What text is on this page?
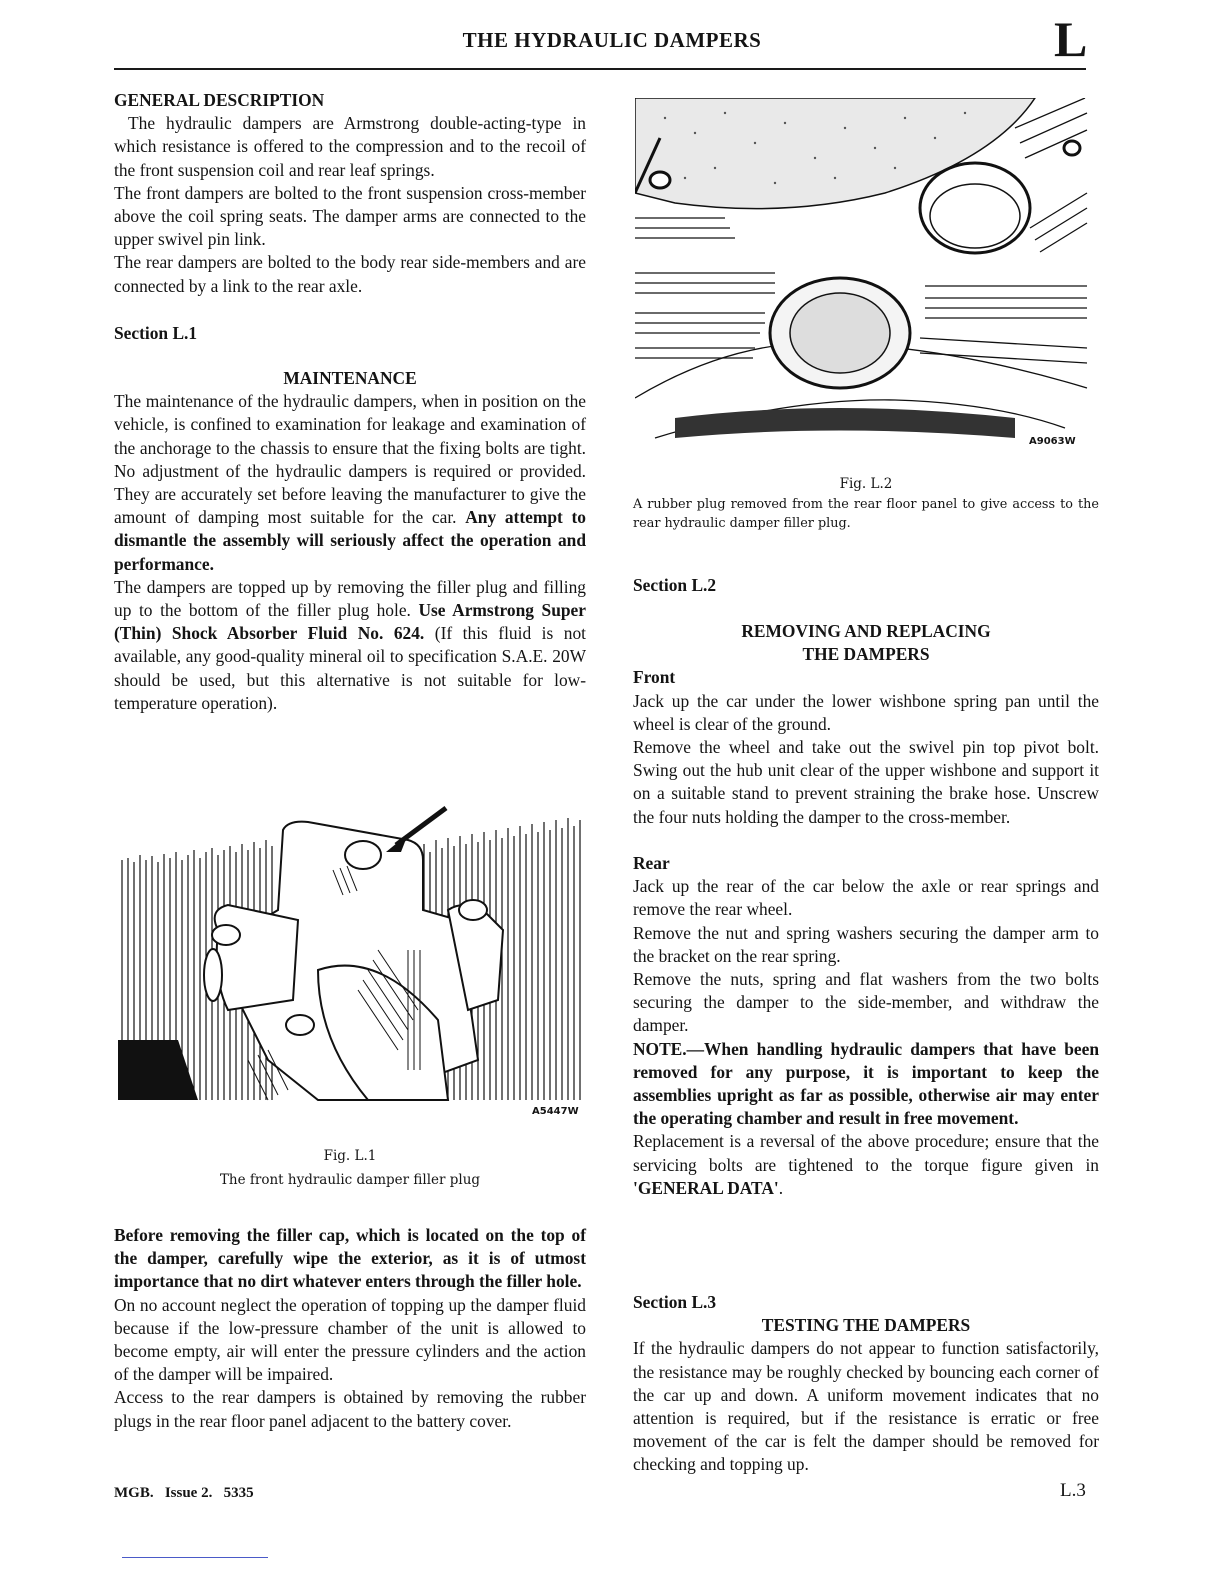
THE HYDRAULIC DAMPERS	L

GENERAL DESCRIPTION

The hydraulic dampers are Armstrong double-acting-type in which resistance is offered to the compression and to the recoil of the front suspension coil and rear leaf springs.

The front dampers are bolted to the front suspension cross-member above the coil spring seats. The damper arms are connected to the upper swivel pin link.

The rear dampers are bolted to the body rear side-members and are connected by a link to the rear axle.

Section L.1

MAINTENANCE

The maintenance of the hydraulic dampers, when in position on the vehicle, is confined to examination for leakage and examination of the anchorage to the chassis to ensure that the fixing bolts are tight. No adjustment of the hydraulic dampers is required or provided. They are accurately set before leaving the manufacturer to give the amount of damping most suitable for the car. Any attempt to dismantle the assembly will seriously affect the operation and performance.

The dampers are topped up by removing the filler plug and filling up to the bottom of the filler plug hole. Use Armstrong Super (Thin) Shock Absorber Fluid No. 624. (If this fluid is not available, any good-quality mineral oil to specification S.A.E. 20W should be used, but this alternative is not suitable for low-temperature operation).

A5447W

Fig. L.1

The front hydraulic damper filler plug

Before removing the filler cap, which is located on the top of the damper, carefully wipe the exterior, as it is of utmost importance that no dirt whatever enters through the filler hole.

On no account neglect the operation of topping up the damper fluid because if the low-pressure chamber of the unit is allowed to become empty, air will enter the pressure cylinders and the action of the damper will be impaired.

Access to the rear dampers is obtained by removing the rubber plugs in the rear floor panel adjacent to the battery cover.

A9063W

Fig. L.2

A rubber plug removed from the rear floor panel to give access to the rear hydraulic damper filler plug.

Section L.2

REMOVING AND REPLACING

THE DAMPERS

Front

Jack up the car under the lower wishbone spring pan until the wheel is clear of the ground.

Remove the wheel and take out the swivel pin top pivot bolt. Swing out the hub unit clear of the upper wishbone and support it on a suitable stand to prevent straining the brake hose. Unscrew the four nuts holding the damper to the cross-member.

Rear

Jack up the rear of the car below the axle or rear springs and remove the rear wheel.

Remove the nut and spring washers securing the damper arm to the bracket on the rear spring.

Remove the nuts, spring and flat washers from the two bolts securing the damper to the side-member, and withdraw the damper.

NOTE.—When handling hydraulic dampers that have been removed for any purpose, it is important to keep the assemblies upright as far as possible, otherwise air may enter the operating chamber and result in free movement.

Replacement is a reversal of the above procedure; ensure that the servicing bolts are tightened to the torque figure given in 'GENERAL DATA'.

Section L.3

TESTING THE DAMPERS

If the hydraulic dampers do not appear to function satisfactorily, the resistance may be roughly checked by bouncing each corner of the car up and down. A uniform movement indicates that no attention is required, but if the resistance is erratic or free movement of the car is felt the damper should be removed for checking and topping up.

MGB.   Issue 2.   5335	L.3
